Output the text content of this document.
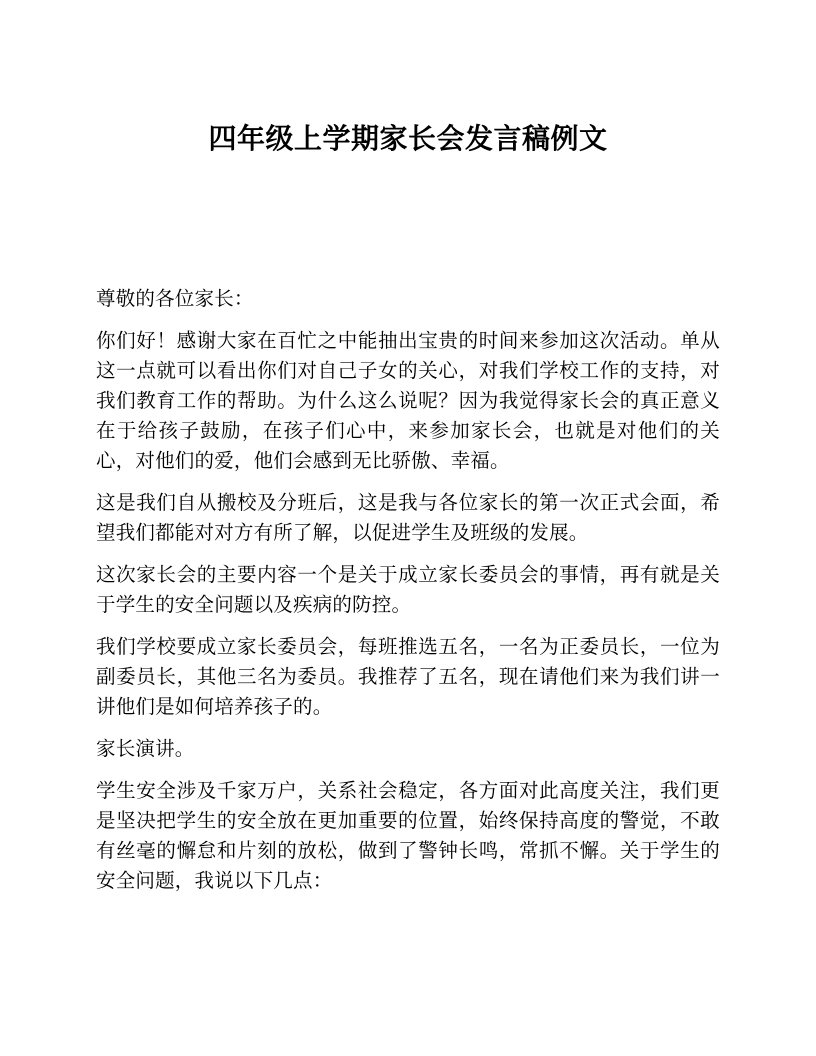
四年级上学期家长会发言稿例文

尊敬的各位家长：

你们好！感谢大家在百忙之中能抽出宝贵的时间来参加这次活动。单从这一点就可以看出你们对自己子女的关心，对我们学校工作的支持，对我们教育工作的帮助。为什么这么说呢？因为我觉得家长会的真正意义在于给孩子鼓励，在孩子们心中，来参加家长会，也就是对他们的关心，对他们的爱，他们会感到无比骄傲、幸福。

这是我们自从搬校及分班后，这是我与各位家长的第一次正式会面，希望我们都能对对方有所了解，以促进学生及班级的发展。

这次家长会的主要内容一个是关于成立家长委员会的事情，再有就是关于学生的安全问题以及疾病的防控。

我们学校要成立家长委员会，每班推选五名，一名为正委员长，一位为副委员长，其他三名为委员。我推荐了五名，现在请他们来为我们讲一讲他们是如何培养孩子的。

家长演讲。

学生安全涉及千家万户，关系社会稳定，各方面对此高度关注，我们更是坚决把学生的安全放在更加重要的位置，始终保持高度的警觉，不敢有丝毫的懈怠和片刻的放松，做到了警钟长鸣，常抓不懈。关于学生的安全问题，我说以下几点：
